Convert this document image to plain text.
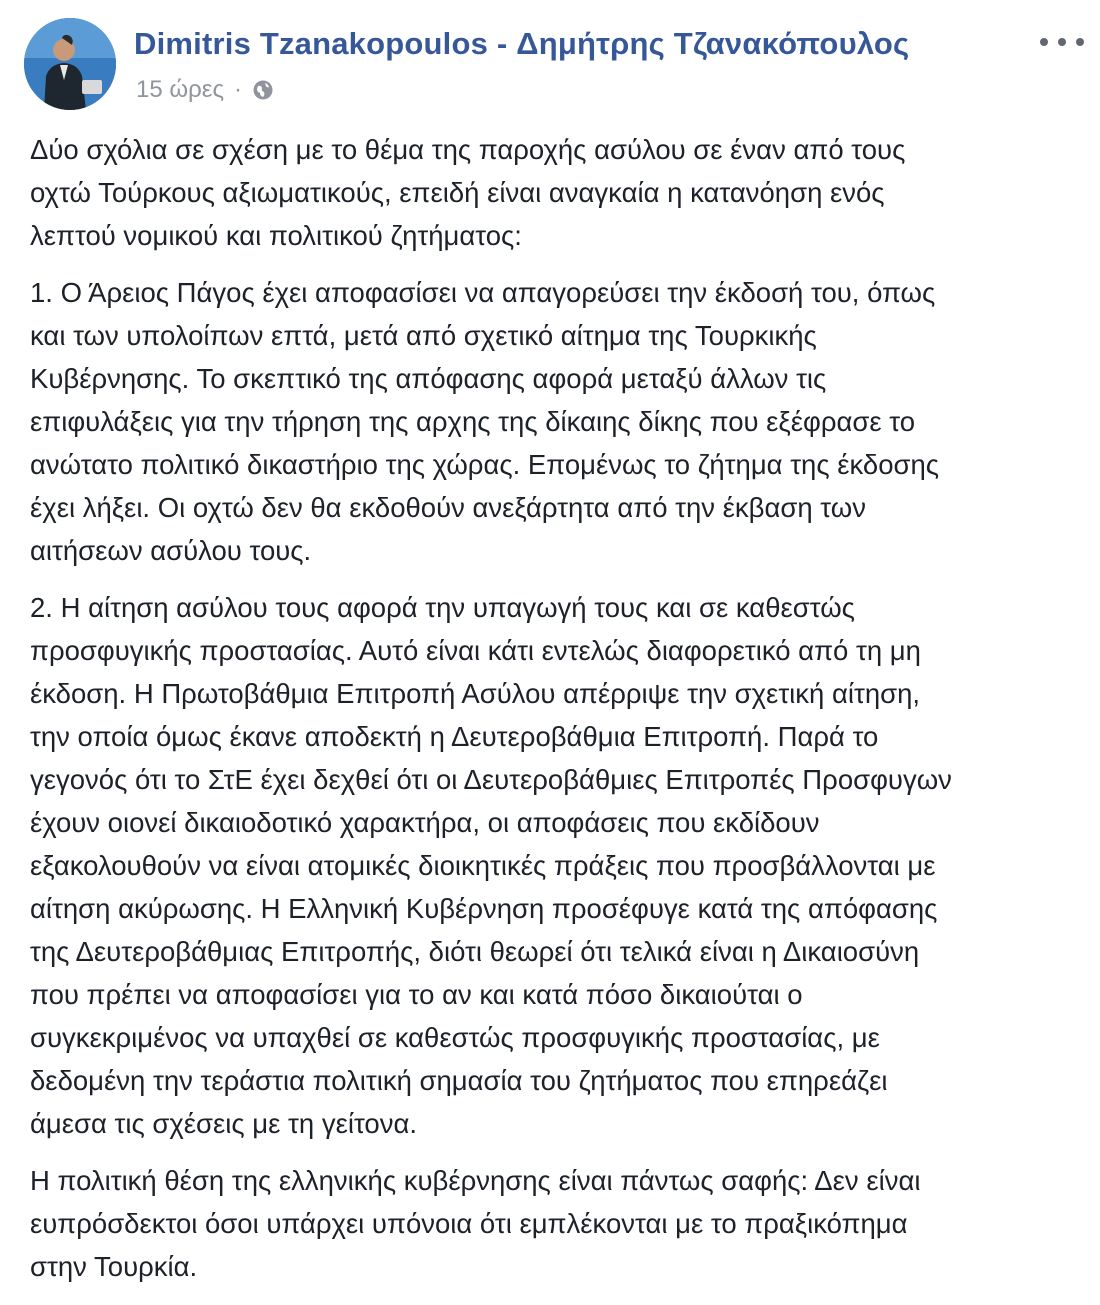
Dimitris Tzanakopoulos - Δημήτρης Τζανακόπουλος
15 ώρες ·

Δύο σχόλια σε σχέση με το θέμα της παροχής ασύλου σε έναν από τους
οχτώ Τούρκους αξιωματικούς, επειδή είναι αναγκαία η κατανόηση ενός
λεπτού νομικού και πολιτικού ζητήματος:

1. Ο Άρειος Πάγος έχει αποφασίσει να απαγορεύσει την έκδοσή του, όπως
και των υπολοίπων επτά, μετά από σχετικό αίτημα της Τουρκικής
Κυβέρνησης. Το σκεπτικό της απόφασης αφορά μεταξύ άλλων τις
επιφυλάξεις για την τήρηση της αρχης της δίκαιης δίκης που εξέφρασε το
ανώτατο πολιτικό δικαστήριο της χώρας. Επομένως το ζήτημα της έκδοσης
έχει λήξει. Οι οχτώ δεν θα εκδοθούν ανεξάρτητα από την έκβαση των
αιτήσεων ασύλου τους.

2. Η αίτηση ασύλου τους αφορά την υπαγωγή τους και σε καθεστώς
προσφυγικής προστασίας. Αυτό είναι κάτι εντελώς διαφορετικό από τη μη
έκδοση. Η Πρωτοβάθμια Επιτροπή Ασύλου απέρριψε την σχετική αίτηση,
την οποία όμως έκανε αποδεκτή η Δευτεροβάθμια Επιτροπή. Παρά το
γεγονός ότι το ΣτΕ έχει δεχθεί ότι οι Δευτεροβάθμιες Επιτροπές Προσφυγων
έχουν οιονεί δικαιοδοτικό χαρακτήρα, οι αποφάσεις που εκδίδουν
εξακολουθούν να είναι ατομικές διοικητικές πράξεις που προσβάλλονται με
αίτηση ακύρωσης. Η Ελληνική Κυβέρνηση προσέφυγε κατά της απόφασης
της Δευτεροβάθμιας Επιτροπής, διότι θεωρεί ότι τελικά είναι η Δικαιοσύνη
που πρέπει να αποφασίσει για το αν και κατά πόσο δικαιούται ο
συγκεκριμένος να υπαχθεί σε καθεστώς προσφυγικής προστασίας, με
δεδομένη την τεράστια πολιτική σημασία του ζητήματος που επηρεάζει
άμεσα τις σχέσεις με τη γείτονα.

Η πολιτική θέση της ελληνικής κυβέρνησης είναι πάντως σαφής: Δεν είναι
ευπρόσδεκτοι όσοι υπάρχει υπόνοια ότι εμπλέκονται με το πραξικόπημα
στην Τουρκία.
